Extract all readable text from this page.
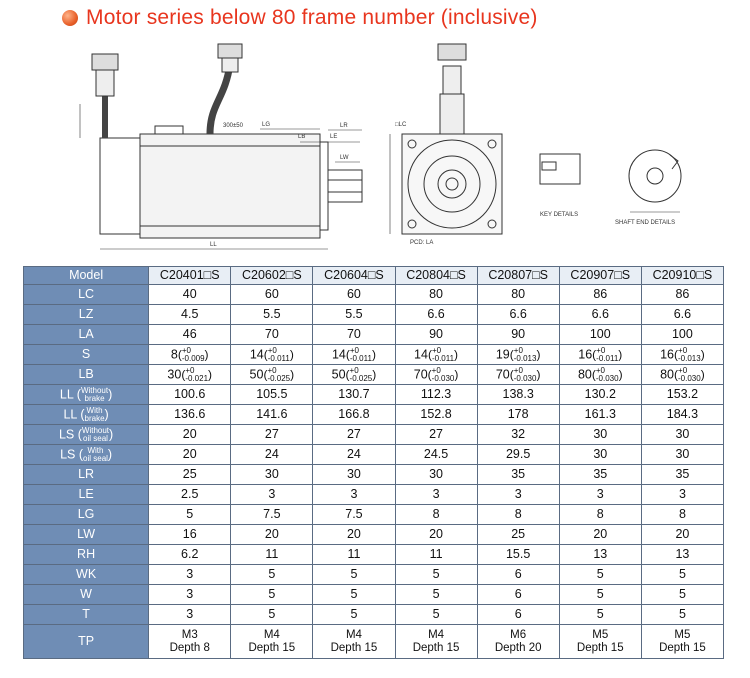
Motor series below 80 frame number (inclusive)
300±50	LG
LB
LR
LE
LW
LL
□LC
PCD: LA
KEY DETAILS
SHAFT END DETAILS
Model	C20401□S	C20602□S	C20604□S	C20804□S	C20807□S	C20907□S	C20910□S
LC	40	60	60	80	80	86	86
LZ	4.5	5.5	5.5	6.6	6.6	6.6	6.6
LA	46	70	70	90	90	100	100
S	8(+0
-0.009)	14(+0
-0.011)	14(+0
-0.011)	14(+0
-0.011)	19(+0
-0.013)	16(+0
-0.011)	16(+0
-0.013)
LB	30(+0
-0.021)	50(+0
-0.025)	50(+0
-0.025)	70(+0
-0.030)	70(+0
-0.030)	80(+0
-0.030)	80(+0
-0.030)
LL (Without
brake )	100.6	105.5	130.7	112.3	138.3	130.2	153.2
LL ( With
brake)	136.6	141.6	166.8	152.8	178	161.3	184.3
LS (Without
oil seal)	20	27	27	27	32	30	30
LS ( With
oil seal)	20	24	24	24.5	29.5	30	30
LR	25	30	30	30	35	35	35
LE	2.5	3	3	3	3	3	3
LG	5	7.5	7.5	8	8	8	8
LW	16	20	20	20	25	20	20
RH	6.2	11	11	11	15.5	13	13
WK	3	5	5	5	6	5	5
W	3	5	5	5	6	5	5
T	3	5	5	5	6	5	5
TP	M3
Depth 8	M4
Depth 15	M4
Depth 15	M4
Depth 15	M6
Depth 20	M5
Depth 15	M5
Depth 15
